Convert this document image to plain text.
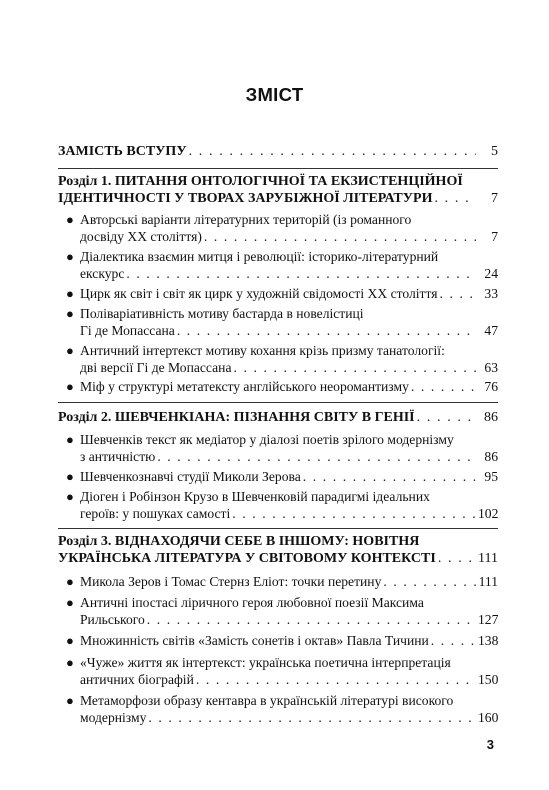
ЗМІСТ
ЗАМІСТЬ ВСТУПУ . . .	5
Розділ 1. ПИТАННЯ ОНТОЛОГІЧНОЇ ТА ЕКЗИСТЕНЦІЙНОЇ
ІДЕНТИЧНОСТІ У ТВОРАХ ЗАРУБІЖНОЇ ЛІТЕРАТУРИ . . .	7
● Авторські варіанти літературних територій (із романного
досвіду ХХ століття) . . .	7
● Діалектика взаємин митця і революції: історико-літературний
екскурс . . .	24
● Цирк як світ і світ як цирк у художній свідомості ХХ століття . . .	33
● Поліваріативність мотиву бастарда в новелістиці
Гі де Мопассана . . .	47
● Античний інтертекст мотиву кохання крізь призму танатології:
дві версії Гі де Мопассана . . .	63
● Міф у структурі метатексту англійського неоромантизму . . .	76
Розділ 2. ШЕВЧЕНКІАНА: ПІЗНАННЯ СВІТУ В ГЕНІЇ . . .	86
● Шевченків текст як медіатор у діалозі поетів зрілого модернізму
з античністю . . .	86
● Шевченкознавчі студії Миколи Зерова . . .	95
● Діоген і Робінзон Крузо в Шевченковій парадигмі ідеальних
героїв: у пошуках самості . . .	102
Розділ 3. ВІДНАХОДЯЧИ СЕБЕ В ІНШОМУ: НОВІТНЯ
УКРАЇНСЬКА ЛІТЕРАТУРА У СВІТОВОМУ КОНТЕКСТІ . . .	111
● Микола Зеров і Томас Стернз Еліот: точки перетину . . .	111
● Античні іпостасі ліричного героя любовної поезії Максима
Рильського . . .	127
● Множинність світів «Замість сонетів і октав» Павла Тичини . . .	138
● «Чуже» життя як інтертекст: українська поетична інтерпретація
античних біографій . . .	150
● Метаморфози образу кентавра в українській літературі високого
модернізму . . .	160
3
